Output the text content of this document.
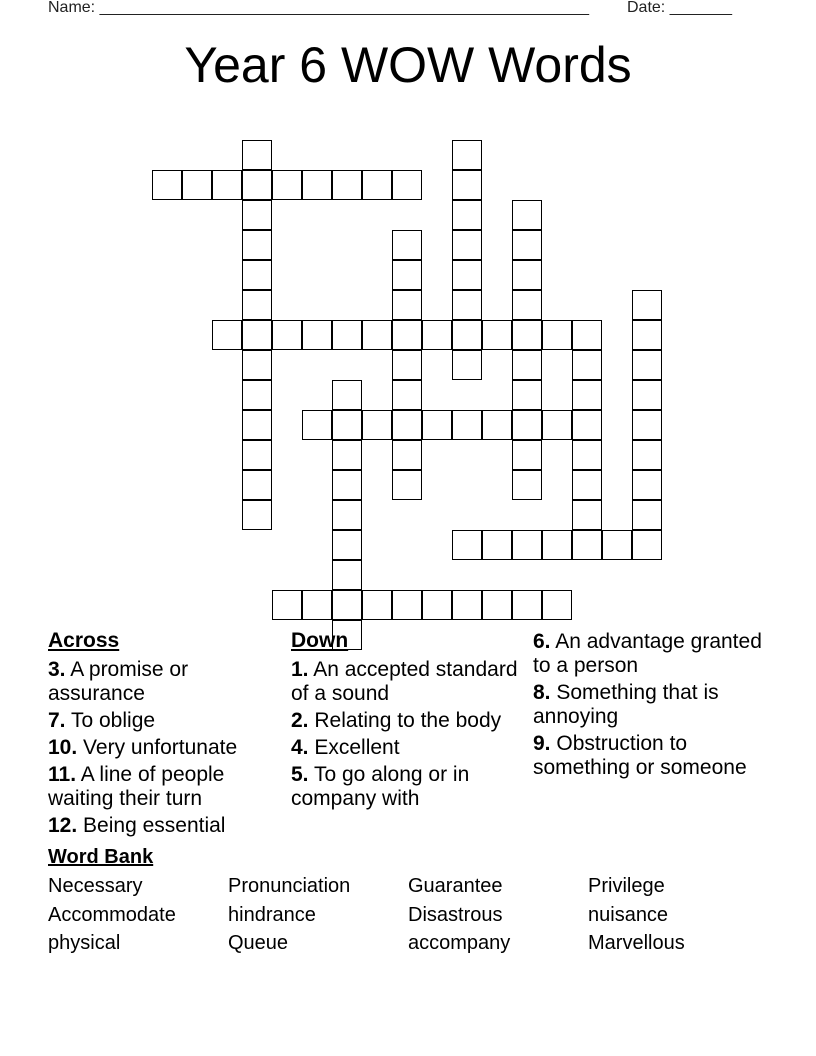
Name: _______________________________________________________ Date: _______
Year 6 WOW Words
Across
3. A promise or assurance
7. To oblige
10. Very unfortunate
11. A line of people waiting their turn
12. Being essential
Down
1. An accepted standard of a sound
2. Relating to the body
4. Excellent
5. To go along or in company with
6. An advantage granted to a person
8. Something that is annoying
9. Obstruction to something or someone
Word Bank
Necessary	Pronunciation	Guarantee	Privilege
Accommodate	hindrance	Disastrous	nuisance
physical	Queue	accompany	Marvellous
